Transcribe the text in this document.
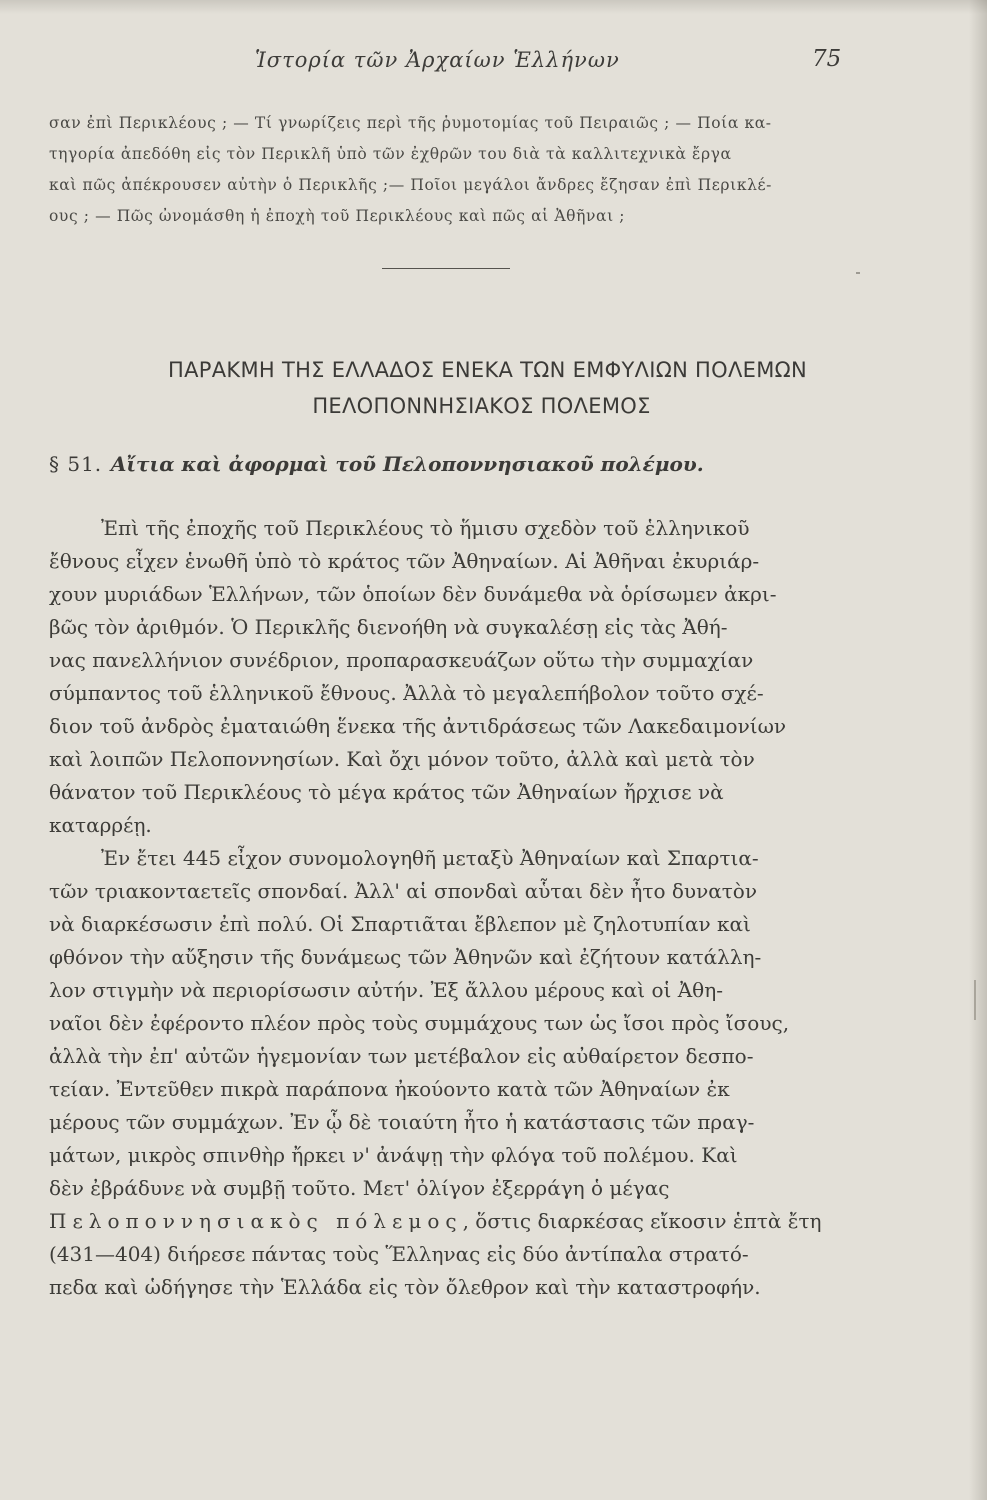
Ἱστορία τῶν Ἀρχαίων Ἑλλήνων	75
σαν ἐπὶ Περικλέους ; — Τί γνωρίζεις περὶ τῆς ῥυμοτομίας τοῦ Πειραιῶς ; — Ποία κα-
τηγορία ἀπεδόθη εἰς τὸν Περικλῆ ὑπὸ τῶν ἐχθρῶν του διὰ τὰ καλλιτεχνικὰ ἔργα
καὶ πῶς ἀπέκρουσεν αὐτὴν ὁ Περικλῆς ;— Ποῖοι μεγάλοι ἄνδρες ἔζησαν ἐπὶ Περικλέ-
ους ; — Πῶς ὠνομάσθη ἡ ἐποχὴ τοῦ Περικλέους καὶ πῶς αἱ Ἀθῆναι ;
ΠΑΡΑΚΜΗ ΤΗΣ ΕΛΛΑΔΟΣ ΕΝΕΚΑ ΤΩΝ ΕΜΦΥΛΙΩΝ ΠΟΛΕΜΩΝ
ΠΕΛΟΠΟΝΝΗΣΙΑΚΟΣ ΠΟΛΕΜΟΣ
§ 51. Αἴτια καὶ ἀφορμαὶ τοῦ Πελοποννησιακοῦ πολέμου.
Ἐπὶ τῆς ἐποχῆς τοῦ Περικλέους τὸ ἥμισυ σχεδὸν τοῦ ἑλληνικοῦ
ἔθνους εἶχεν ἑνωθῆ ὑπὸ τὸ κράτος τῶν Ἀθηναίων. Αἱ Ἀθῆναι ἐκυριάρ-
χουν μυριάδων Ἑλλήνων, τῶν ὁποίων δὲν δυνάμεθα νὰ ὁρίσωμεν ἀκρι-
βῶς τὸν ἀριθμόν. Ὁ Περικλῆς διενοήθη νὰ συγκαλέσῃ εἰς τὰς Ἀθή-
νας πανελλήνιον συνέδριον, προπαρασκευάζων οὕτω τὴν συμμαχίαν
σύμπαντος τοῦ ἑλληνικοῦ ἔθνους. Ἀλλὰ τὸ μεγαλεπήβολον τοῦτο σχέ-
διον τοῦ ἀνδρὸς ἐματαιώθη ἕνεκα τῆς ἀντιδράσεως τῶν Λακεδαιμονίων
καὶ λοιπῶν Πελοποννησίων. Καὶ ὄχι μόνον τοῦτο, ἀλλὰ καὶ μετὰ τὸν
θάνατον τοῦ Περικλέους τὸ μέγα κράτος τῶν Ἀθηναίων ἤρχισε νὰ
καταρρέῃ.
Ἐν ἔτει 445 εἶχον συνομολογηθῆ μεταξὺ Ἀθηναίων καὶ Σπαρτια-
τῶν τριακονταετεῖς σπονδαί. Ἀλλ' αἱ σπονδαὶ αὗται δὲν ἦτο δυνατὸν
νὰ διαρκέσωσιν ἐπὶ πολύ. Οἱ Σπαρτιᾶται ἔβλεπον μὲ ζηλοτυπίαν καὶ
φθόνον τὴν αὔξησιν τῆς δυνάμεως τῶν Ἀθηνῶν καὶ ἐζήτουν κατάλλη-
λον στιγμὴν νὰ περιορίσωσιν αὐτήν. Ἐξ ἄλλου μέρους καὶ οἱ Ἀθη-
ναῖοι δὲν ἐφέροντο πλέον πρὸς τοὺς συμμάχους των ὡς ἴσοι πρὸς ἴσους,
ἀλλὰ τὴν ἐπ' αὐτῶν ἡγεμονίαν των μετέβαλον εἰς αὐθαίρετον δεσπο-
τείαν. Ἐντεῦθεν πικρὰ παράπονα ἠκούοντο κατὰ τῶν Ἀθηναίων ἐκ
μέρους τῶν συμμάχων. Ἐν ᾧ δὲ τοιαύτη ἦτο ἡ κατάστασις τῶν πραγ-
μάτων, μικρὸς σπινθὴρ ἤρκει ν' ἀνάψῃ τὴν φλόγα τοῦ πολέμου. Καὶ
δὲν ἐβράδυνε νὰ συμβῇ τοῦτο. Μετ' ὀλίγον ἐξερράγη ὁ μέγας
Πελοποννησιακὸς πόλεμος, ὅστις διαρκέσας εἴκοσιν ἑπτὰ ἔτη
(431—404) διήρεσε πάντας τοὺς Ἕλληνας εἰς δύο ἀντίπαλα στρατό-
πεδα καὶ ὡδήγησε τὴν Ἑλλάδα εἰς τὸν ὄλεθρον καὶ τὴν καταστροφήν.
